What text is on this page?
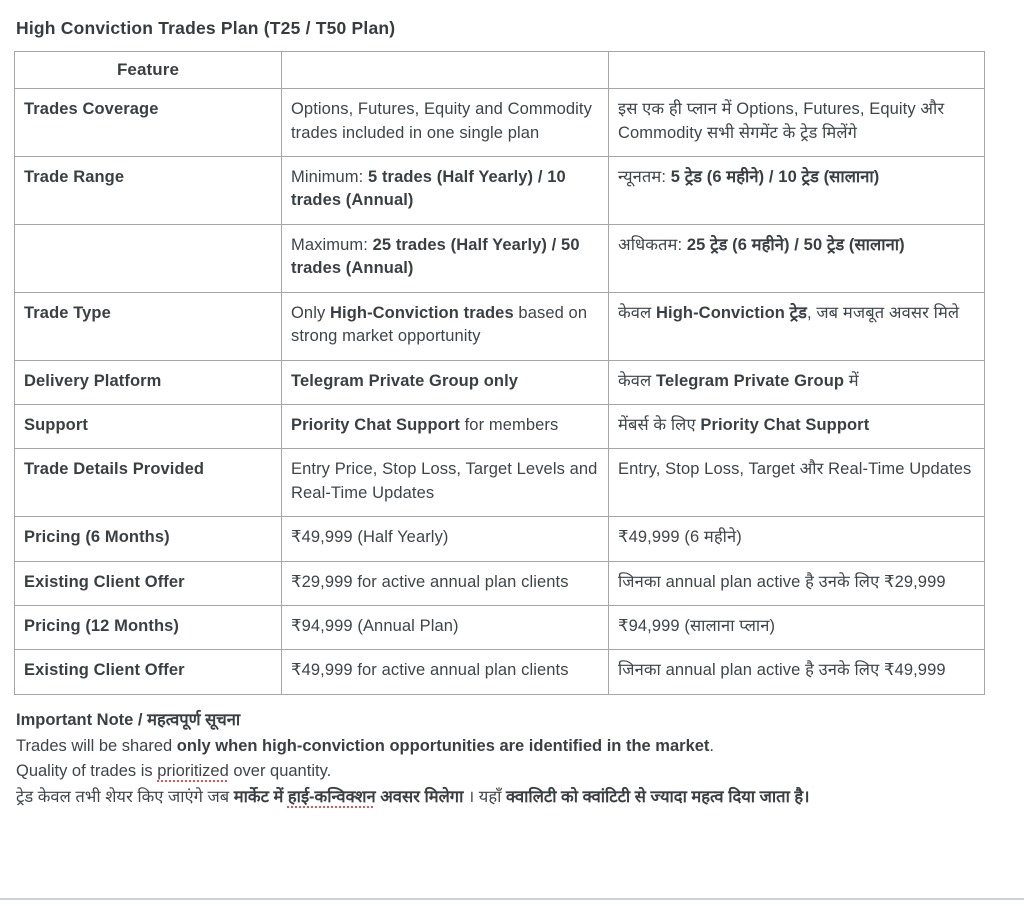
High Conviction Trades Plan (T25 / T50 Plan)
Feature		
Trades Coverage	Options, Futures, Equity and Commodity trades included in one single plan	इस एक ही प्लान में Options, Futures, Equity और Commodity सभी सेगमेंट के ट्रेड मिलेंगे
Trade Range	Minimum: 5 trades (Half Yearly) / 10 trades (Annual)	न्यूनतम: 5 ट्रेड (6 महीने) / 10 ट्रेड (सालाना)
	Maximum: 25 trades (Half Yearly) / 50 trades (Annual)	अधिकतम: 25 ट्रेड (6 महीने) / 50 ट्रेड (सालाना)
Trade Type	Only High-Conviction trades based on strong market opportunity	केवल High-Conviction ट्रेड, जब मजबूत अवसर मिले
Delivery Platform	Telegram Private Group only	केवल Telegram Private Group में
Support	Priority Chat Support for members	मेंबर्स के लिए Priority Chat Support
Trade Details Provided	Entry Price, Stop Loss, Target Levels and Real-Time Updates	Entry, Stop Loss, Target और Real-Time Updates
Pricing (6 Months)	₹49,999 (Half Yearly)	₹49,999 (6 महीने)
Existing Client Offer	₹29,999 for active annual plan clients	जिनका annual plan active है उनके लिए ₹29,999
Pricing (12 Months)	₹94,999 (Annual Plan)	₹94,999 (सालाना प्लान)
Existing Client Offer	₹49,999 for active annual plan clients	जिनका annual plan active है उनके लिए ₹49,999

Important Note / महत्वपूर्ण सूचना

Trades will be shared only when high-conviction opportunities are identified in the market.

Quality of trades is prioritized over quantity.

ट्रेड केवल तभी शेयर किए जाएंगे जब मार्केट में हाई-कन्विक्शन अवसर मिलेगा । यहाँ क्वालिटी को क्वांटिटी से ज्यादा महत्व दिया जाता है।
